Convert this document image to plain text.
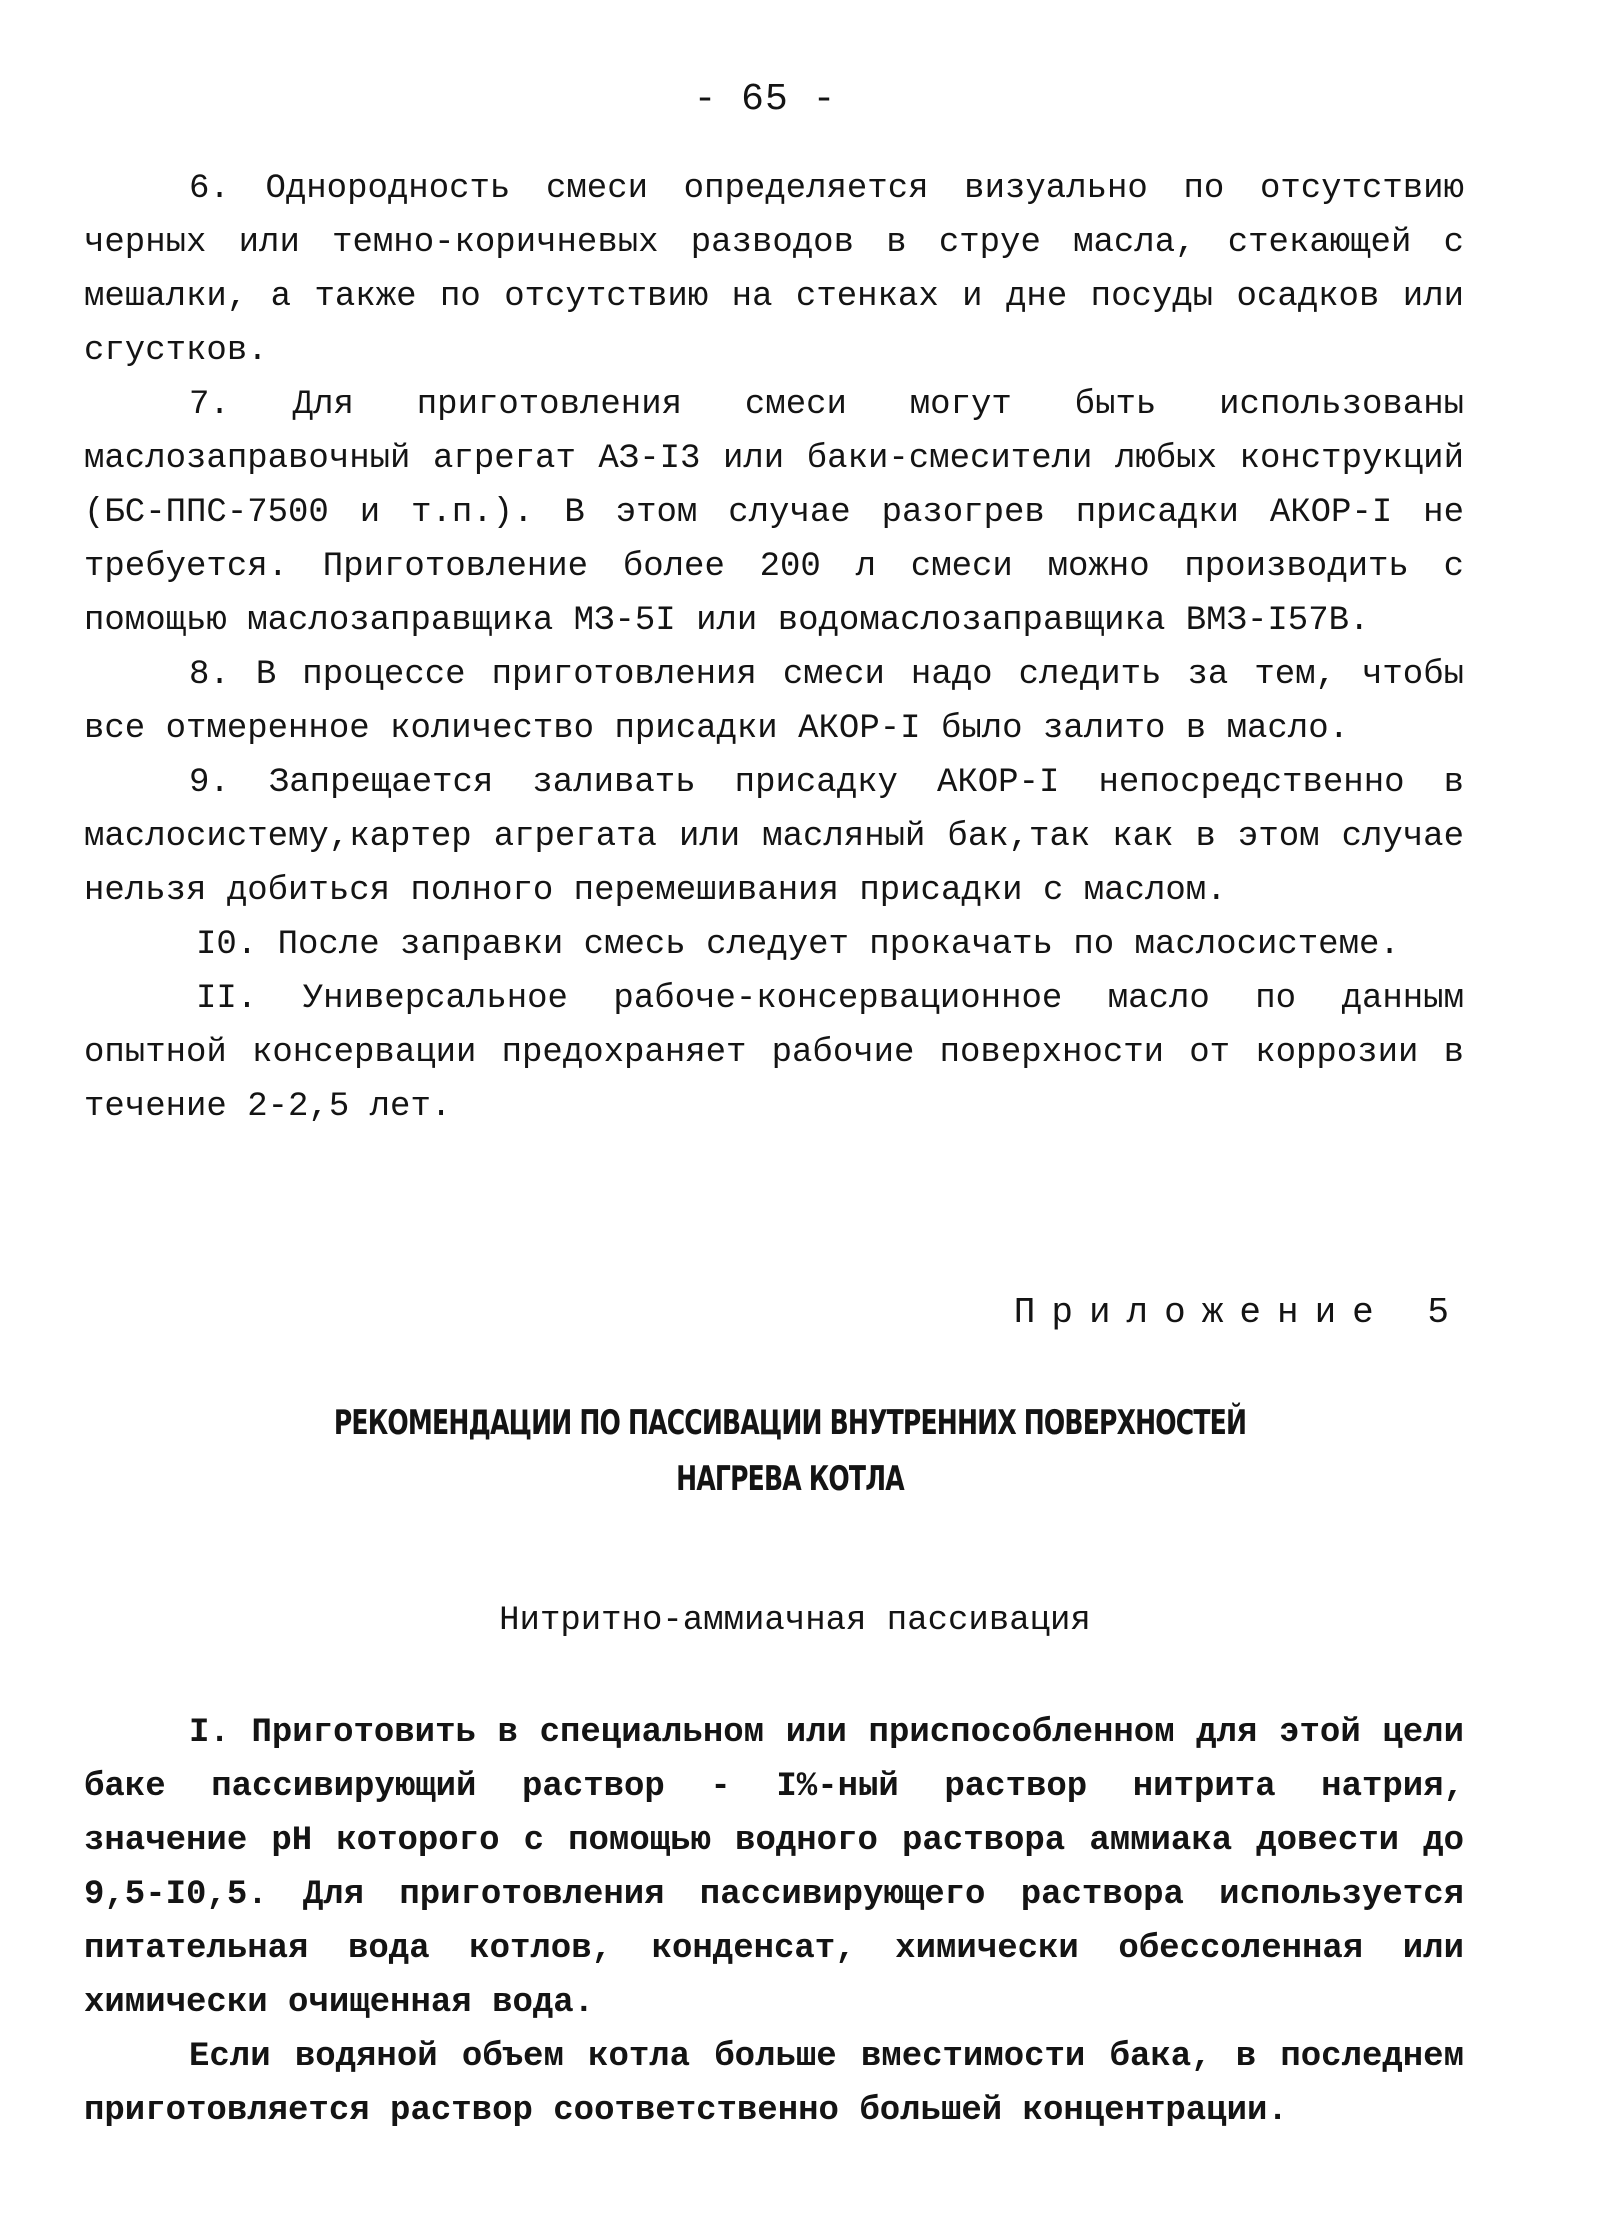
- 65 -

6. Однородность смеси определяется визуально по отсутствию черных или темно-коричневых разводов в струе масла, стекающей с мешалки, а также по отсутствию на стенках и дне посуды осадков или сгустков.

7. Для приготовления смеси могут быть использованы маслозаправочный агрегат АЗ-I3 или баки-смесители любых конструкций (БС-ППС-7500 и т.п.). В этом случае разогрев присадки АКОР-I не требуется. Приготовление более 200 л смеси можно производить с помощью маслозаправщика МЗ-5I или водомаслозаправщика ВМЗ-I57В.

8. В процессе приготовления смеси надо следить за тем, чтобы все отмеренное количество присадки АКОР-I было залито в масло.

9. Запрещается заливать присадку АКОР-I непосредственно в маслосистему,картер агрегата или масляный бак,так как в этом случае нельзя добиться полного перемешивания присадки с маслом.

I0. После заправки смесь следует прокачать по маслосистеме.

II. Универсальное рабоче-консервационное масло по данным опытной консервации предохраняет рабочие поверхности от коррозии в течение 2-2,5 лет.

Приложение 5
РЕКОМЕНДАЦИИ ПО ПАССИВАЦИИ ВНУТРЕННИХ ПОВЕРХНОСТЕЙ
НАГРЕВА КОТЛА
Нитритно-аммиачная пассивация

I. Приготовить в специальном или приспособленном для этой цели баке пассивирующий раствор - I%-ный раствор нитрита натрия, значение pH которого с помощью водного раствора аммиака довести до 9,5-I0,5. Для приготовления пассивирующего раствора используется питательная вода котлов, конденсат, химически обессоленная или химически очищенная вода.

Если водяной объем котла больше вместимости бака, в последнем приготовляется раствор соответственно большей концентрации.
